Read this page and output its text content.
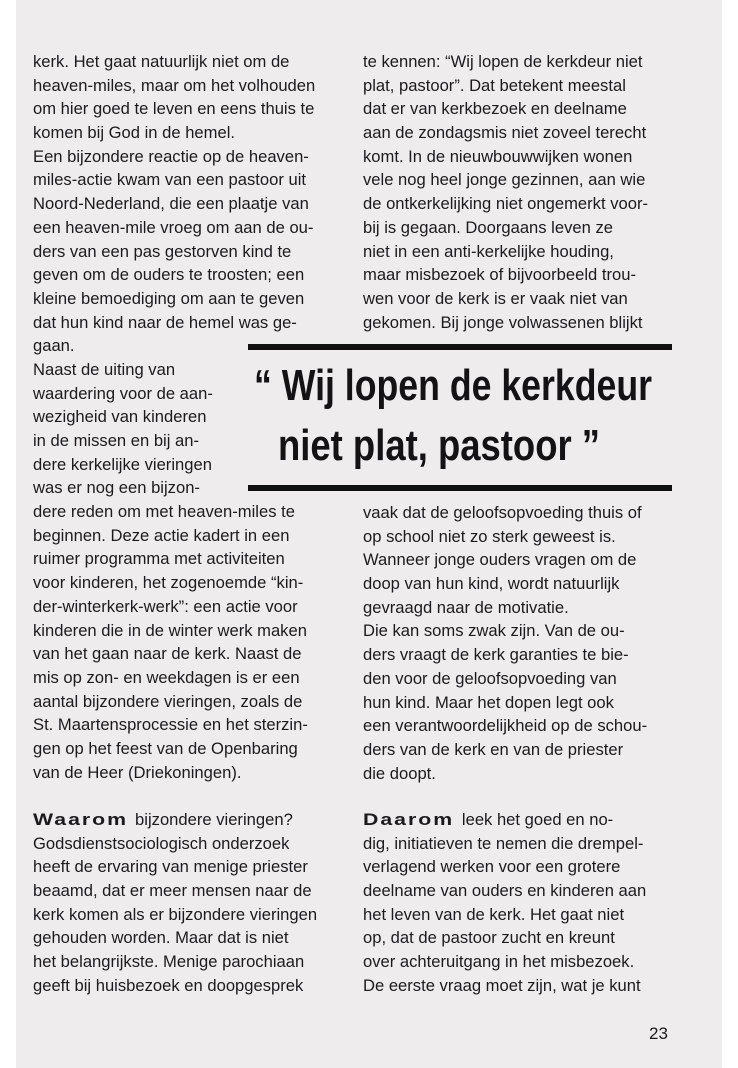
kerk. Het gaat natuurlijk niet om de
heaven-miles, maar om het volhouden
om hier goed te leven en eens thuis te
komen bij God in de hemel.
Een bijzondere reactie op de heaven-
miles-actie kwam van een pastoor uit
Noord-Nederland, die een plaatje van
een heaven-mile vroeg om aan de ou-
ders van een pas gestorven kind te
geven om de ouders te troosten; een
kleine bemoediging om aan te geven
dat hun kind naar de hemel was ge-
gaan.
Naast de uiting van
waardering voor de aan-
wezigheid van kinderen
in de missen en bij an-
dere kerkelijke vieringen
was er nog een bijzon-
dere reden om met heaven-miles te
beginnen. Deze actie kadert in een
ruimer programma met activiteiten
voor kinderen, het zogenoemde “kin-
der-winterkerk-werk”: een actie voor
kinderen die in de winter werk maken
van het gaan naar de kerk. Naast de
mis op zon- en weekdagen is er een
aantal bijzondere vieringen, zoals de
St. Maartensprocessie en het sterzin-
gen op het feest van de Openbaring
van de Heer (Driekoningen).
Waarom bijzondere vieringen?
Godsdienstsociologisch onderzoek
heeft de ervaring van menige priester
beaamd, dat er meer mensen naar de
kerk komen als er bijzondere vieringen
gehouden worden. Maar dat is niet
het belangrijkste. Menige parochiaan
geeft bij huisbezoek en doopgesprek
te kennen: “Wij lopen de kerkdeur niet
plat, pastoor”. Dat betekent meestal
dat er van kerkbezoek en deelname
aan de zondagsmis niet zoveel terecht
komt. In de nieuwbouwwijken wonen
vele nog heel jonge gezinnen, aan wie
de ontkerkelijking niet ongemerkt voor-
bij is gegaan. Doorgaans leven ze
niet in een anti-kerkelijke houding,
maar misbezoek of bijvoorbeeld trou-
wen voor de kerk is er vaak niet van
gekomen. Bij jonge volwassenen blijkt
vaak dat de geloofsopvoeding thuis of
op school niet zo sterk geweest is.
Wanneer jonge ouders vragen om de
doop van hun kind, wordt natuurlijk
gevraagd naar de motivatie.
Die kan soms zwak zijn. Van de ou-
ders vraagt de kerk garanties te bie-
den voor de geloofsopvoeding van
hun kind. Maar het dopen legt ook
een verantwoordelijkheid op de schou-
ders van de kerk en van de priester
die doopt.
Daarom leek het goed en no-
dig, initiatieven te nemen die drempel-
verlagend werken voor een grotere
deelname van ouders en kinderen aan
het leven van de kerk. Het gaat niet
op, dat de pastoor zucht en kreunt
over achteruitgang in het misbezoek.
De eerste vraag moet zijn, wat je kunt
“ Wij lopen de kerkdeur
niet plat, pastoor ”
23
